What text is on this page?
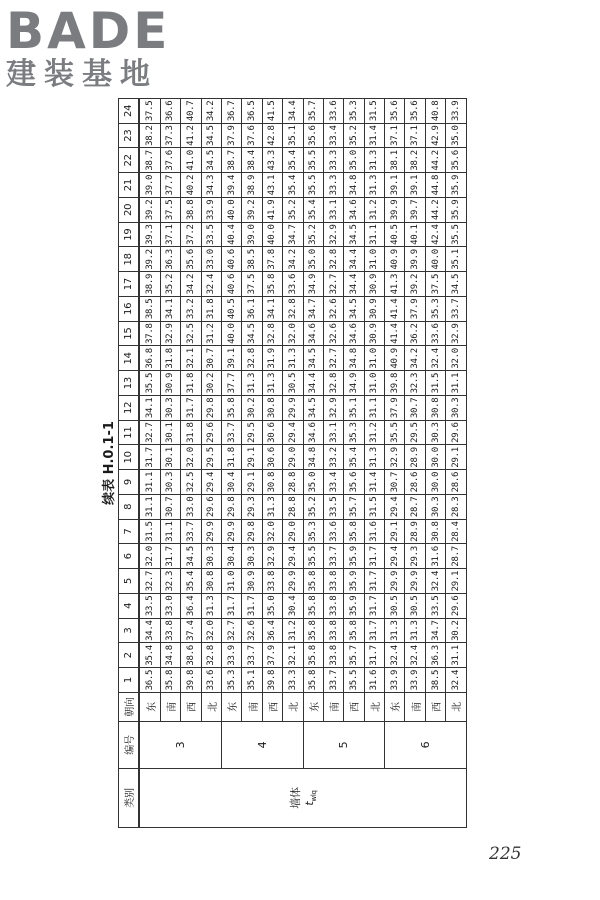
BADE
建装基地
续表 H.0.1-1
类别	编号	朝向	1	2	3	4	5	6	7	8	9	10	11	12	13	14	15	16	17	18	19	20	21	22	23	24

墙体 $t_{wlq}$	3	东	36.5	35.4	34.4	33.5	32.7	32.0	31.5	31.1	31.1	31.7	32.7	34.1	35.5	36.8	37.8	38.5	38.9	39.2	39.3	39.2	39.0	38.7	38.2	37.5
		南	35.8	34.8	33.8	33.0	32.3	31.7	31.1	30.7	30.3	30.1	30.1	30.3	30.9	31.8	32.9	34.1	35.2	36.3	37.1	37.5	37.7	37.6	37.3	36.6
		西	39.8	38.6	37.4	36.4	35.4	34.5	33.7	33.0	32.5	32.0	31.8	31.7	31.8	32.1	32.5	33.2	34.2	35.6	37.2	38.8	40.2	41.0	41.2	40.7
		北	33.6	32.8	32.0	31.3	30.8	30.3	29.9	29.6	29.4	29.5	29.6	29.8	30.2	30.7	31.2	31.8	32.4	33.0	33.5	33.9	34.3	34.5	34.5	34.2
	4	东	35.3	33.9	32.7	31.7	31.0	30.4	29.9	29.8	30.4	31.8	33.7	35.8	37.7	39.1	40.0	40.5	40.6	40.6	40.4	40.0	39.4	38.7	37.9	36.7
		南	35.1	33.7	32.6	31.7	30.9	30.3	29.8	29.3	29.1	29.1	29.5	30.2	31.3	32.8	34.5	36.1	37.5	38.5	39.0	39.2	38.9	38.4	37.6	36.5
		西	39.8	37.9	36.4	35.0	33.8	32.9	32.0	31.3	30.8	30.6	30.6	30.8	31.3	31.9	32.8	34.1	35.8	37.8	40.0	41.9	43.1	43.3	42.8	41.5
		北	33.3	32.1	31.2	30.4	29.9	29.4	29.0	28.8	28.8	29.0	29.4	29.9	30.5	31.3	32.0	32.8	33.6	34.2	34.7	35.2	35.4	35.4	35.1	34.4
	5	东	35.8	35.8	35.8	35.8	35.8	35.5	35.3	35.2	35.0	34.8	34.6	34.5	34.4	34.5	34.6	34.7	34.9	35.0	35.2	35.4	35.5	35.5	35.6	35.7
		南	33.7	33.8	33.8	33.8	33.8	33.7	33.6	33.5	33.4	33.2	33.1	32.9	32.8	32.7	32.6	32.6	32.7	32.8	32.9	33.1	33.3	33.3	33.4	33.6
		西	35.5	35.7	35.8	35.9	35.9	35.9	35.8	35.7	35.6	35.4	35.3	35.1	34.9	34.8	34.6	34.5	34.4	34.4	34.5	34.6	34.8	35.0	35.2	35.3
		北	31.6	31.7	31.7	31.7	31.7	31.7	31.6	31.5	31.4	31.3	31.2	31.1	31.0	31.0	30.9	30.9	30.9	31.0	31.1	31.2	31.3	31.3	31.4	31.5
	6	东	33.9	32.4	31.3	30.5	29.9	29.4	29.1	29.4	30.7	32.9	35.5	37.9	39.8	40.9	41.4	41.4	41.3	40.9	40.5	39.9	39.1	38.1	37.1	35.6
		南	33.9	32.4	31.3	30.5	29.9	29.3	28.9	28.7	28.6	28.9	29.5	30.7	32.3	34.2	36.2	37.9	39.2	39.9	40.1	39.7	39.1	38.2	37.1	35.6
		西	38.5	36.3	34.7	33.5	32.4	31.6	30.8	30.3	30.0	30.0	30.3	30.8	31.5	32.4	33.6	35.3	37.5	40.0	42.4	44.2	44.8	44.2	42.9	40.8
		北	32.4	31.1	30.2	29.6	29.1	28.7	28.4	28.3	28.6	29.1	29.6	30.3	31.1	32.0	32.9	33.7	34.5	35.1	35.5	35.9	35.9	35.6	35.0	33.9
225
